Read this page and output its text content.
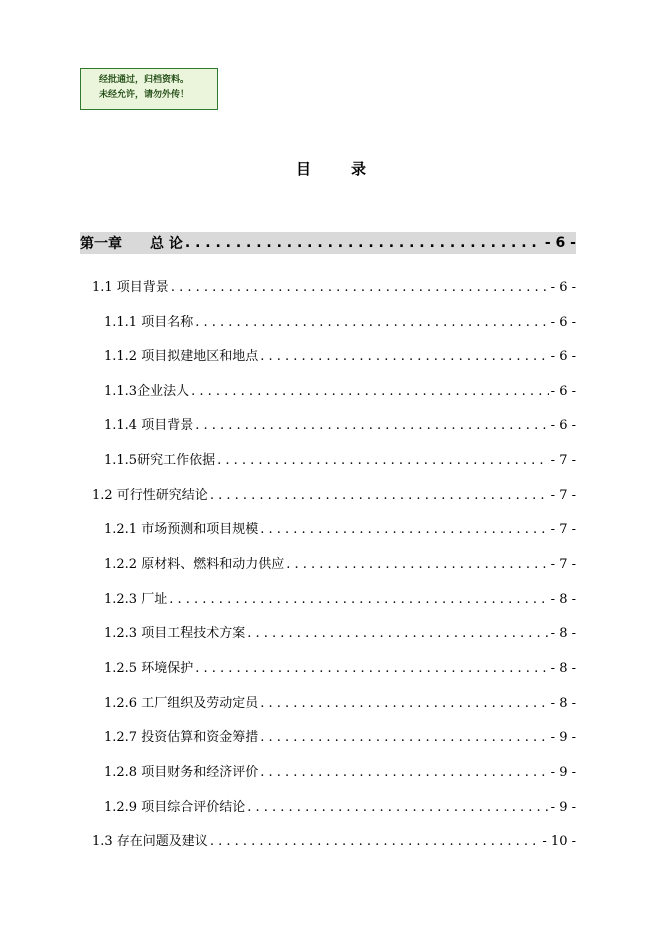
经批通过，归档资料。
未经允许，请勿外传！
目	录
第一章 总 论 . . .	- 6 -
1.1 项目背景 . . .	- 6 -
1.1.1 项目名称 . . .	- 6 -
1.1.2 项目拟建地区和地点 . . .	- 6 -
1.1.3企业法人 . . .	- 6 -
1.1.4 项目背景 . . .	- 6 -
1.1.5研究工作依据 . . .	- 7 -
1.2 可行性研究结论 . . .	- 7 -
1.2.1 市场预测和项目规模 . . .	- 7 -
1.2.2 原材料、燃料和动力供应 . . .	- 7 -
1.2.3 厂址 . . .	- 8 -
1.2.3 项目工程技术方案 . . .	- 8 -
1.2.5 环境保护 . . .	- 8 -
1.2.6 工厂组织及劳动定员 . . .	- 8 -
1.2.7 投资估算和资金筹措 . . .	- 9 -
1.2.8 项目财务和经济评价 . . .	- 9 -
1.2.9 项目综合评价结论 . . .	- 9 -
1.3 存在问题及建议 . . .	- 10 -
